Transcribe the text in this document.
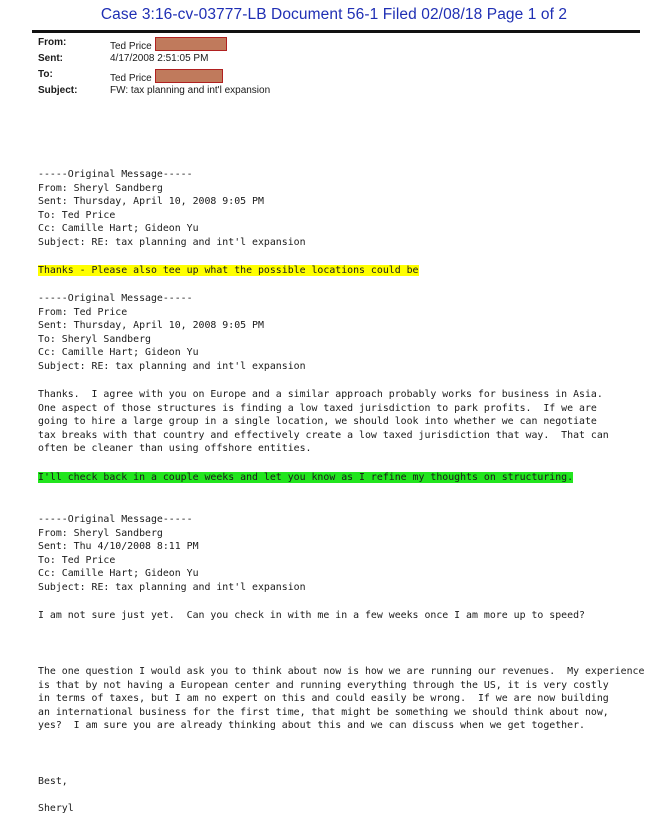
Case 3:16-cv-03777-LB Document 56-1 Filed 02/08/18 Page 1 of 2
From:	Ted Price
Sent:	4/17/2008 2:51:05 PM
To:	Ted Price
Subject:	FW: tax planning and int'l expansion
-----Original Message-----
From: Sheryl Sandberg
Sent: Thursday, April 10, 2008 9:05 PM
To: Ted Price
Cc: Camille Hart; Gideon Yu
Subject: RE: tax planning and int'l expansion
Thanks - Please also tee up what the possible locations could be
-----Original Message-----
From: Ted Price
Sent: Thursday, April 10, 2008 9:05 PM
To: Sheryl Sandberg
Cc: Camille Hart; Gideon Yu
Subject: RE: tax planning and int'l expansion
Thanks.  I agree with you on Europe and a similar approach probably works for business in Asia.
One aspect of those structures is finding a low taxed jurisdiction to park profits.  If we are
going to hire a large group in a single location, we should look into whether we can negotiate
tax breaks with that country and effectively create a low taxed jurisdiction that way.  That can
often be cleaner than using offshore entities.
I'll check back in a couple weeks and let you know as I refine my thoughts on structuring.
-----Original Message-----
From: Sheryl Sandberg
Sent: Thu 4/10/2008 8:11 PM
To: Ted Price
Cc: Camille Hart; Gideon Yu
Subject: RE: tax planning and int'l expansion
I am not sure just yet.  Can you check in with me in a few weeks once I am more up to speed?
The one question I would ask you to think about now is how we are running our revenues.  My experience
is that by not having a European center and running everything through the US, it is very costly
in terms of taxes, but I am no expert on this and could easily be wrong.  If we are now building
an international business for the first time, that might be something we should think about now,
yes?  I am sure you are already thinking about this and we can discuss when we get together.
Best,
Sheryl
